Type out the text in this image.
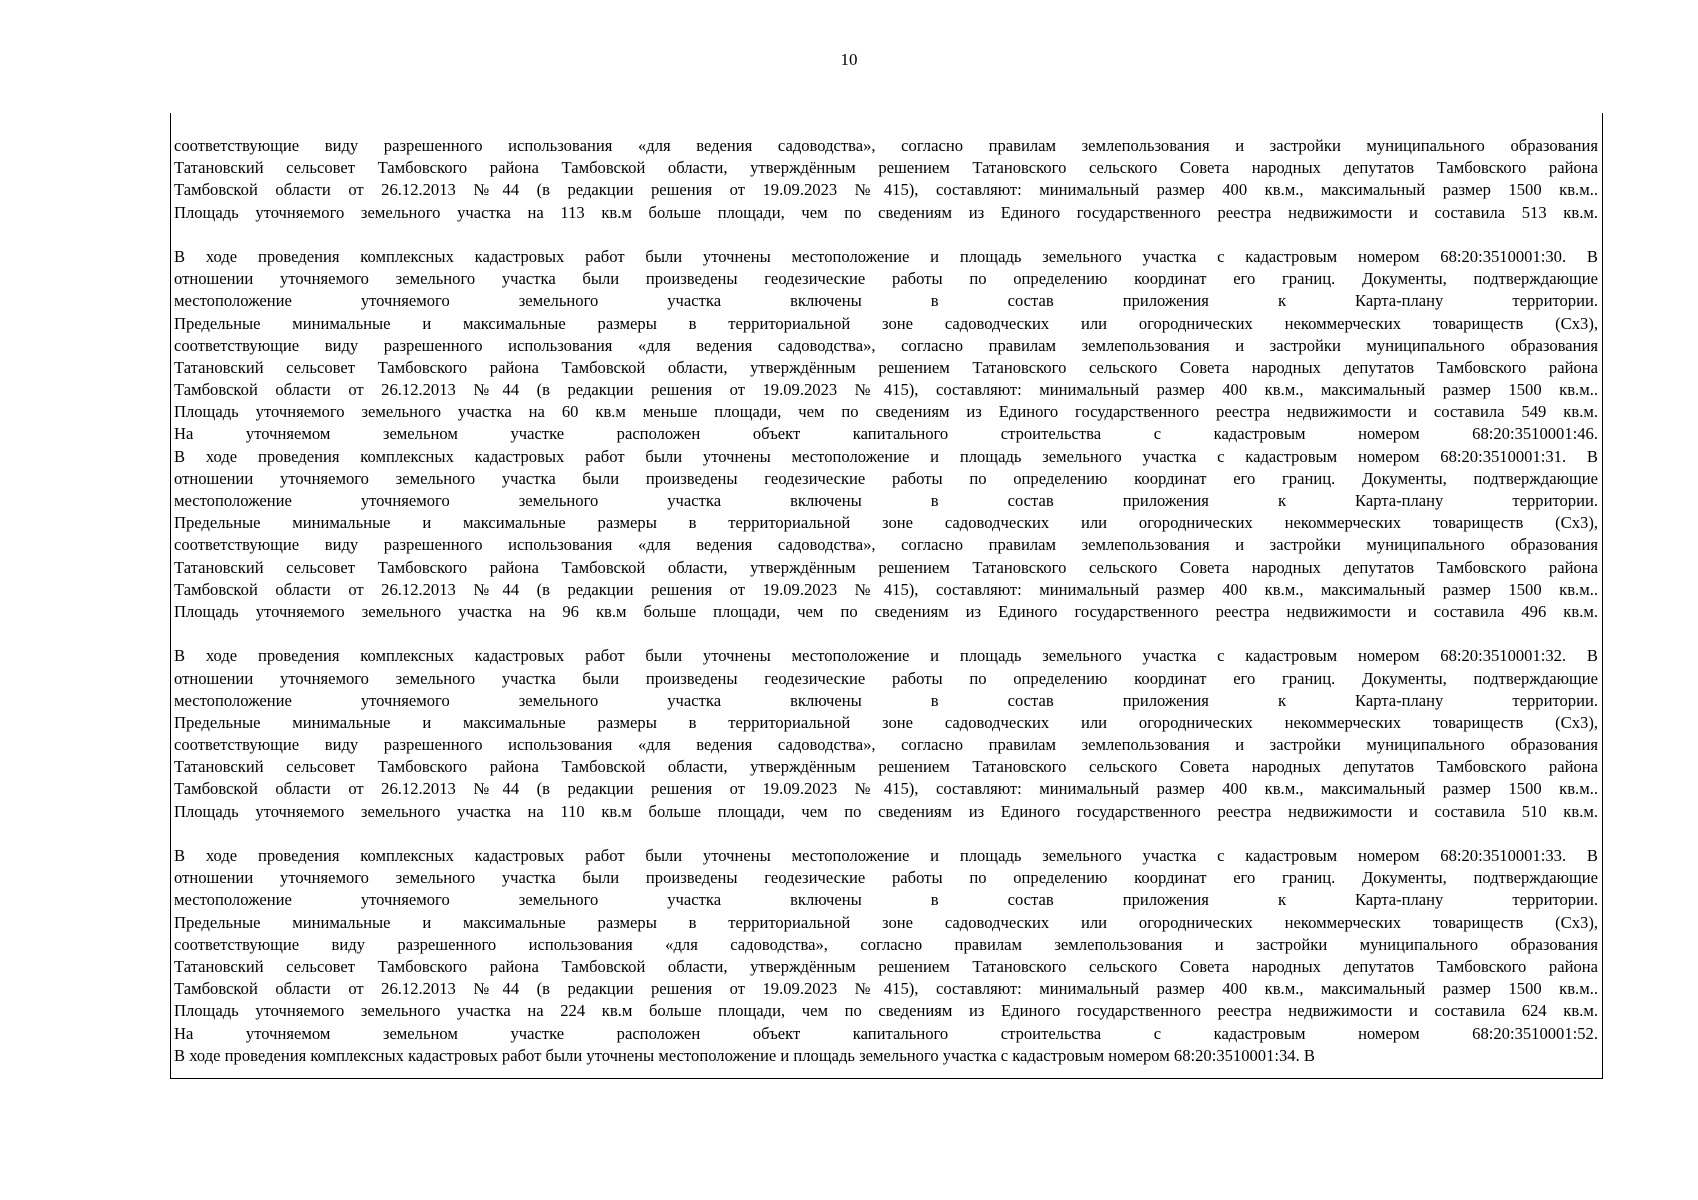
10
соответствующие виду разрешенного использования «для ведения садоводства», согласно правилам землепользования и застройки муниципального образования
Татановский сельсовет Тамбовского района Тамбовской области, утверждённым решением Татановского сельского Совета народных депутатов Тамбовского района
Тамбовской области от 26.12.2013 №44 (в редакции решения от 19.09.2023 №415), составляют: минимальный размер 400 кв.м., максимальный размер 1500 кв.м..
Площадь уточняемого земельного участка на 113 кв.м больше площади, чем по сведениям из Единого государственного реестра недвижимости и составила 513 кв.м.
В ходе проведения комплексных кадастровых работ были уточнены местоположение и площадь земельного участка с кадастровым номером 68:20:3510001:30. В
отношении уточняемого земельного участка были произведены геодезические работы по определению координат его границ. Документы, подтверждающие
местоположение уточняемого земельного участка включены в состав приложения к Карта-плану территории.
Предельные минимальные и максимальные размеры в территориальной зоне садоводческих или огороднических некоммерческих товариществ (Сх3),
соответствующие виду разрешенного использования «для ведения садоводства», согласно правилам землепользования и застройки муниципального образования
Татановский сельсовет Тамбовского района Тамбовской области, утверждённым решением Татановского сельского Совета народных депутатов Тамбовского района
Тамбовской области от 26.12.2013 №44 (в редакции решения от 19.09.2023 №415), составляют: минимальный размер 400 кв.м., максимальный размер 1500 кв.м..
Площадь уточняемого земельного участка на 60 кв.м меньше площади, чем по сведениям из Единого государственного реестра недвижимости и составила 549 кв.м.
На уточняемом земельном участке расположен объект капитального строительства с кадастровым номером 68:20:3510001:46.
В ходе проведения комплексных кадастровых работ были уточнены местоположение и площадь земельного участка с кадастровым номером 68:20:3510001:31. В
отношении уточняемого земельного участка были произведены геодезические работы по определению координат его границ. Документы, подтверждающие
местоположение уточняемого земельного участка включены в состав приложения к Карта-плану территории.
Предельные минимальные и максимальные размеры в территориальной зоне садоводческих или огороднических некоммерческих товариществ (Сх3),
соответствующие виду разрешенного использования «для ведения садоводства», согласно правилам землепользования и застройки муниципального образования
Татановский сельсовет Тамбовского района Тамбовской области, утверждённым решением Татановского сельского Совета народных депутатов Тамбовского района
Тамбовской области от 26.12.2013 №44 (в редакции решения от 19.09.2023 №415), составляют: минимальный размер 400 кв.м., максимальный размер 1500 кв.м..
Площадь уточняемого земельного участка на 96 кв.м больше площади, чем по сведениям из Единого государственного реестра недвижимости и составила 496 кв.м.
В ходе проведения комплексных кадастровых работ были уточнены местоположение и площадь земельного участка с кадастровым номером 68:20:3510001:32. В
отношении уточняемого земельного участка были произведены геодезические работы по определению координат его границ. Документы, подтверждающие
местоположение уточняемого земельного участка включены в состав приложения к Карта-плану территории.
Предельные минимальные и максимальные размеры в территориальной зоне садоводческих или огороднических некоммерческих товариществ (Сх3),
соответствующие виду разрешенного использования «для ведения садоводства», согласно правилам землепользования и застройки муниципального образования
Татановский сельсовет Тамбовского района Тамбовской области, утверждённым решением Татановского сельского Совета народных депутатов Тамбовского района
Тамбовской области от 26.12.2013 №44 (в редакции решения от 19.09.2023 №415), составляют: минимальный размер 400 кв.м., максимальный размер 1500 кв.м..
Площадь уточняемого земельного участка на 110 кв.м больше площади, чем по сведениям из Единого государственного реестра недвижимости и составила 510 кв.м.
В ходе проведения комплексных кадастровых работ были уточнены местоположение и площадь земельного участка с кадастровым номером 68:20:3510001:33. В
отношении уточняемого земельного участка были произведены геодезические работы по определению координат его границ. Документы, подтверждающие
местоположение уточняемого земельного участка включены в состав приложения к Карта-плану территории.
Предельные минимальные и максимальные размеры в территориальной зоне садоводческих или огороднических некоммерческих товариществ (Сх3),
соответствующие виду разрешенного использования «для садоводства», согласно правилам землепользования и застройки муниципального образования
Татановский сельсовет Тамбовского района Тамбовской области, утверждённым решением Татановского сельского Совета народных депутатов Тамбовского района
Тамбовской области от 26.12.2013 №44 (в редакции решения от 19.09.2023 №415), составляют: минимальный размер 400 кв.м., максимальный размер 1500 кв.м..
Площадь уточняемого земельного участка на 224 кв.м больше площади, чем по сведениям из Единого государственного реестра недвижимости и составила 624 кв.м.
На уточняемом земельном участке расположен объект капитального строительства с кадастровым номером 68:20:3510001:52.
В ходе проведения комплексных кадастровых работ были уточнены местоположение и площадь земельного участка с кадастровым номером 68:20:3510001:34. В
